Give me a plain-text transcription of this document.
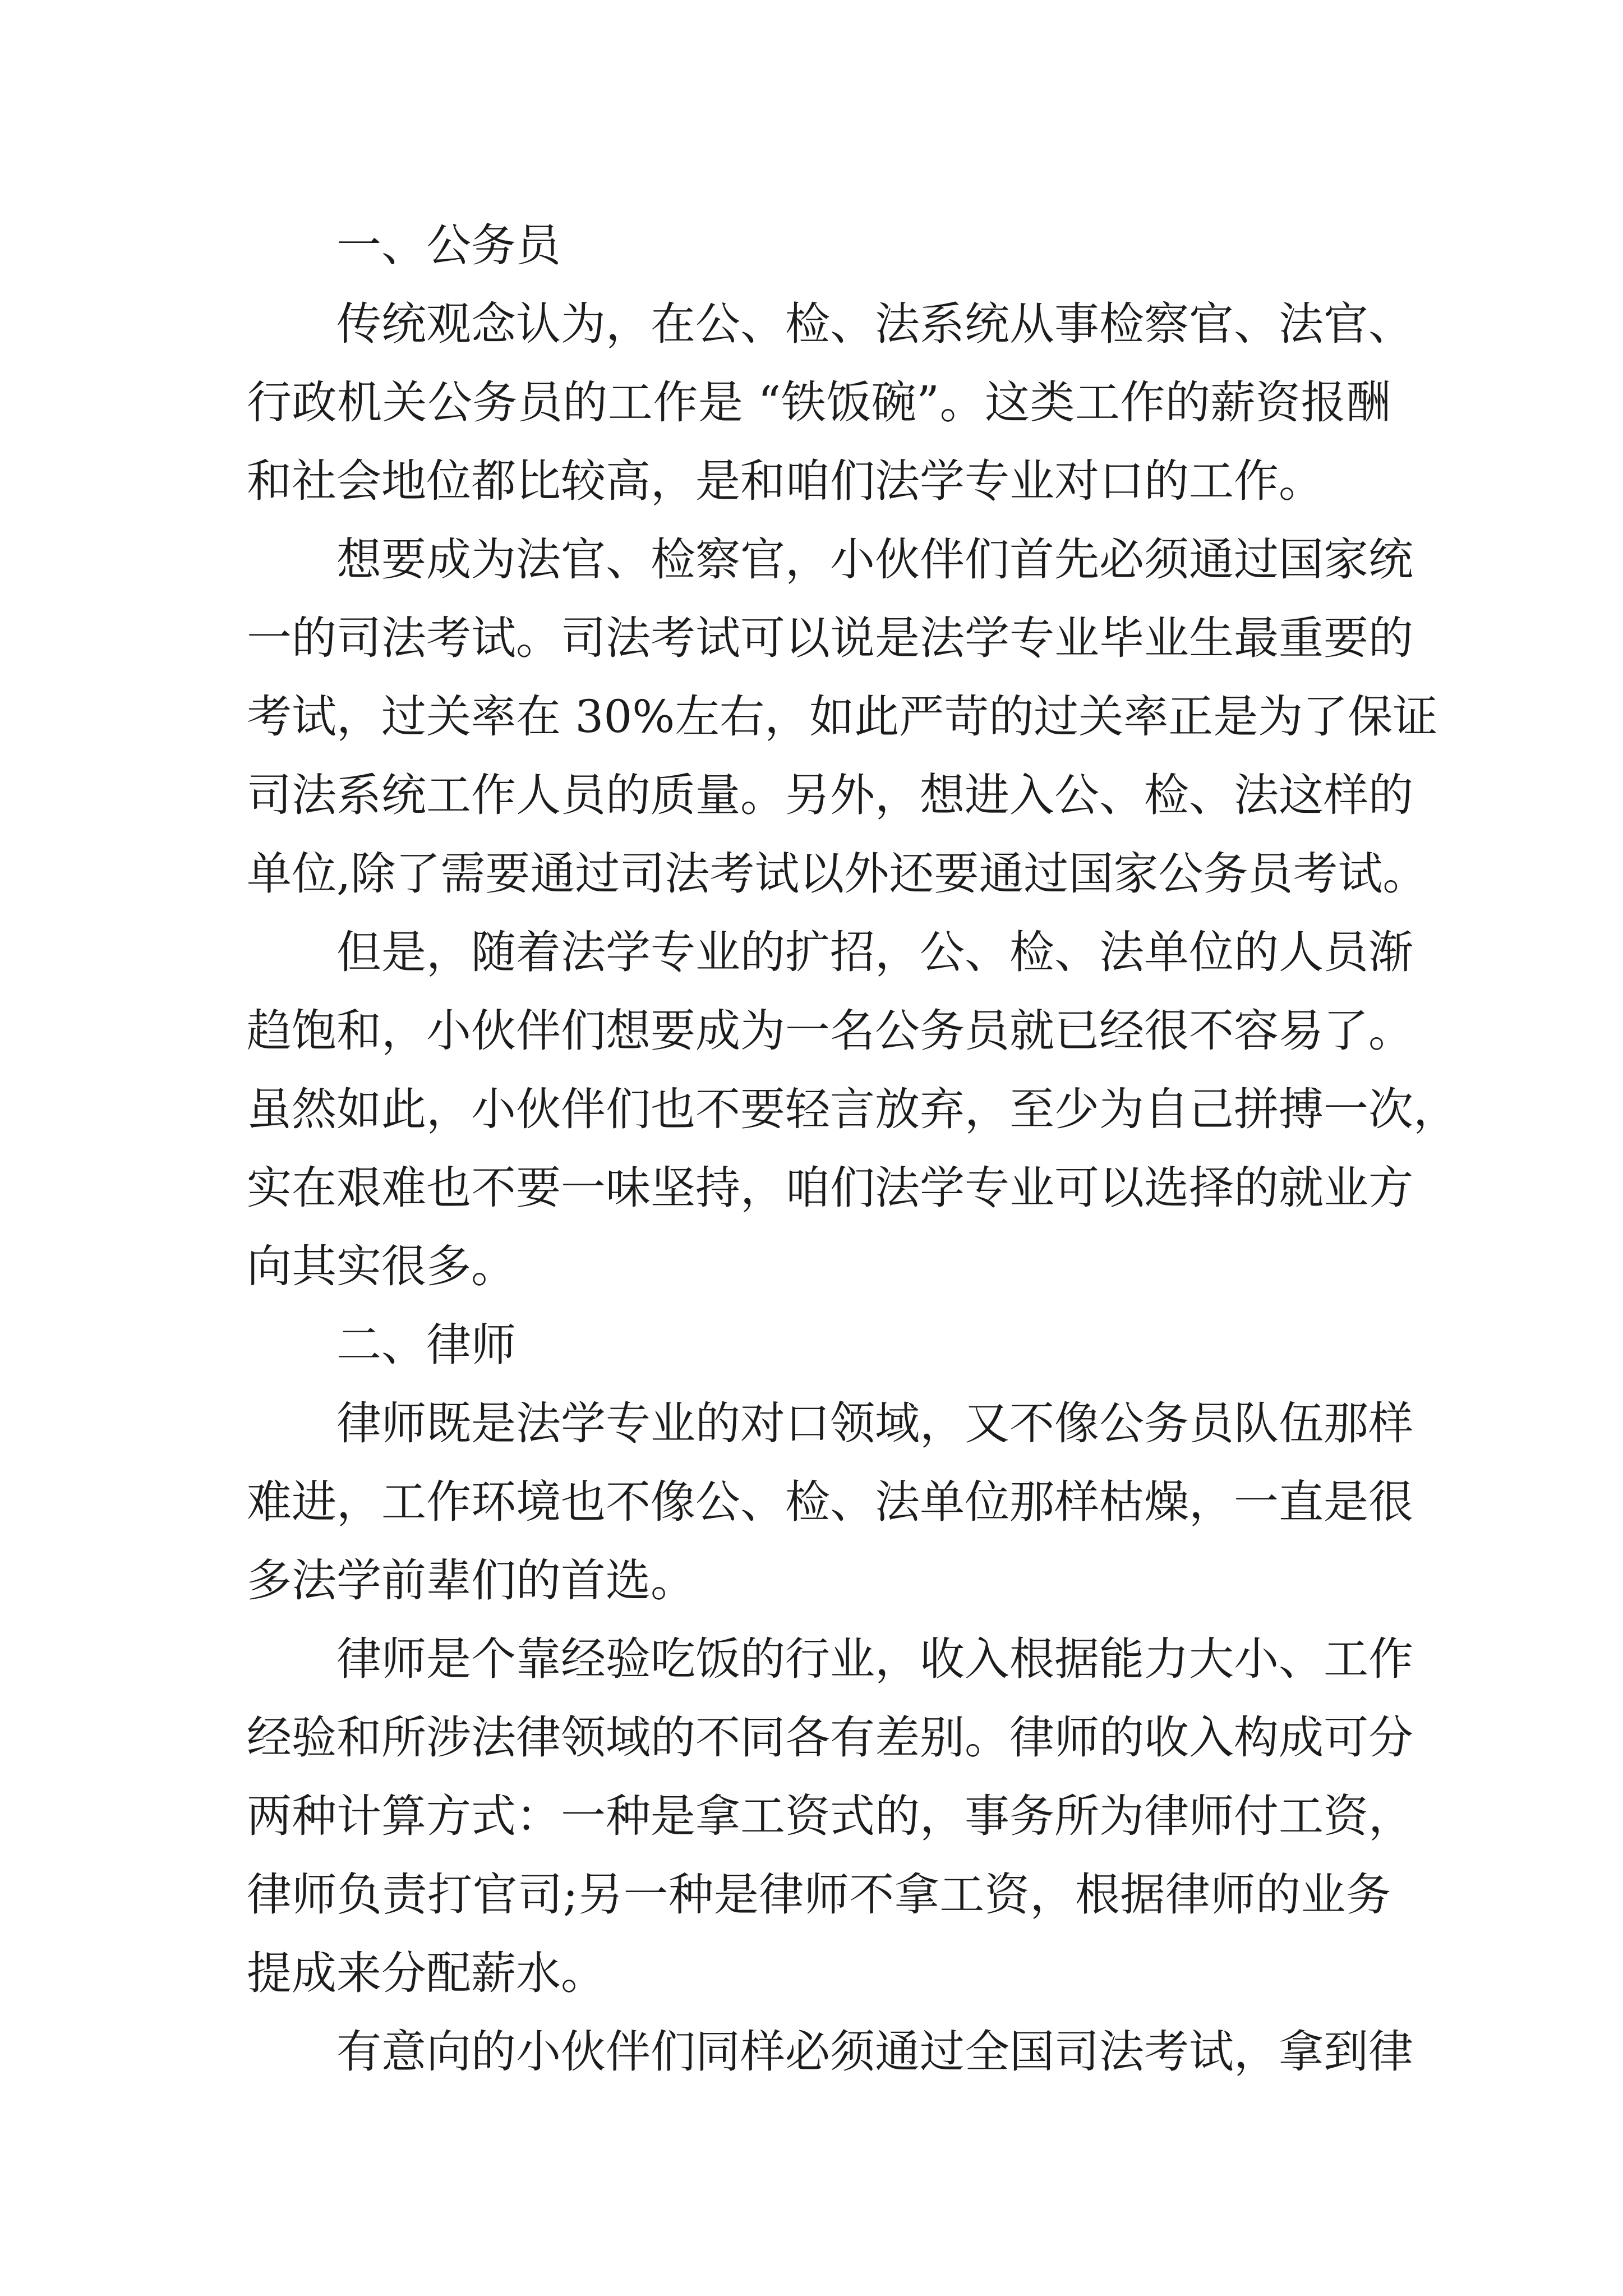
一、公务员
传统观念认为，在公、检、法系统从事检察官、法官、
行政机关公务员的工作是 “铁饭碗”。这类工作的薪资报酬
和社会地位都比较高，是和咱们法学专业对口的工作。
想要成为法官、检察官，小伙伴们首先必须通过国家统
一的司法考试。司法考试可以说是法学专业毕业生最重要的
考试，过关率在 30%左右，如此严苛的过关率正是为了保证
司法系统工作人员的质量。另外，想进入公、检、法这样的
单位,除了需要通过司法考试以外还要通过国家公务员考试。
但是，随着法学专业的扩招，公、检、法单位的人员渐
趋饱和，小伙伴们想要成为一名公务员就已经很不容易了。
虽然如此，小伙伴们也不要轻言放弃，至少为自己拼搏一次，
实在艰难也不要一味坚持，咱们法学专业可以选择的就业方
向其实很多。
二、律师
律师既是法学专业的对口领域，又不像公务员队伍那样
难进，工作环境也不像公、检、法单位那样枯燥，一直是很
多法学前辈们的首选。
律师是个靠经验吃饭的行业，收入根据能力大小、工作
经验和所涉法律领域的不同各有差别。律师的收入构成可分
两种计算方式：一种是拿工资式的，事务所为律师付工资，
律师负责打官司;另一种是律师不拿工资，根据律师的业务
提成来分配薪水。
有意向的小伙伴们同样必须通过全国司法考试，拿到律
